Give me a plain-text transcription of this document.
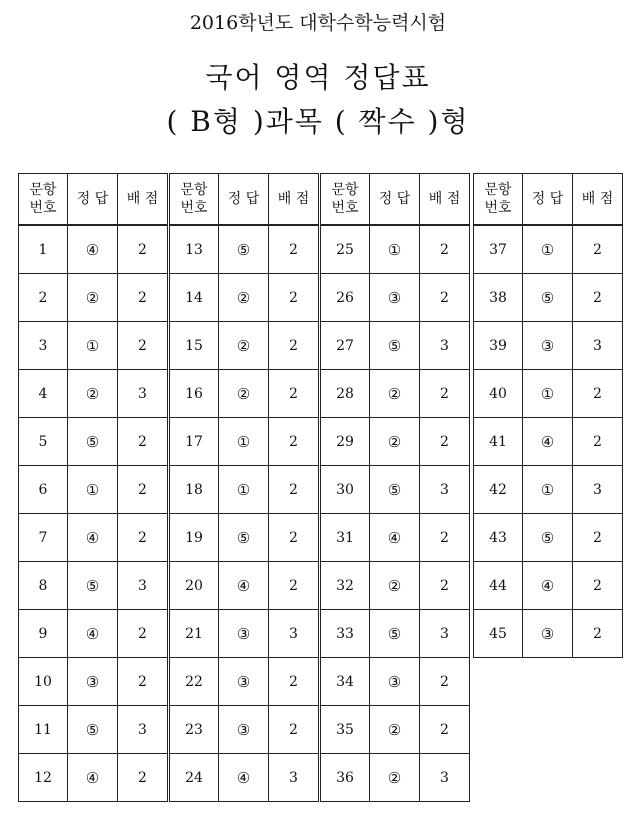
2016학년도 대학수학능력시험
국어 영역 정답표
( B형 )과목 ( 짝수 )형
문항 번호	정 답	배 점
1	④	2
2	②	2
3	①	2
4	②	3
5	⑤	2
6	①	2
7	④	2
8	⑤	3
9	④	2
10	③	2
11	⑤	3
12	④	2
문항 번호	정 답	배 점
13	⑤	2
14	②	2
15	②	2
16	②	2
17	①	2
18	①	2
19	⑤	2
20	④	2
21	③	3
22	③	2
23	③	2
24	④	3
문항 번호	정 답	배 점
25	①	2
26	③	2
27	⑤	3
28	②	2
29	②	2
30	⑤	3
31	④	2
32	②	2
33	⑤	3
34	③	2
35	②	2
36	②	3
문항 번호	정 답	배 점
37	①	2
38	⑤	2
39	③	3
40	①	2
41	④	2
42	①	3
43	⑤	2
44	④	2
45	③	2
